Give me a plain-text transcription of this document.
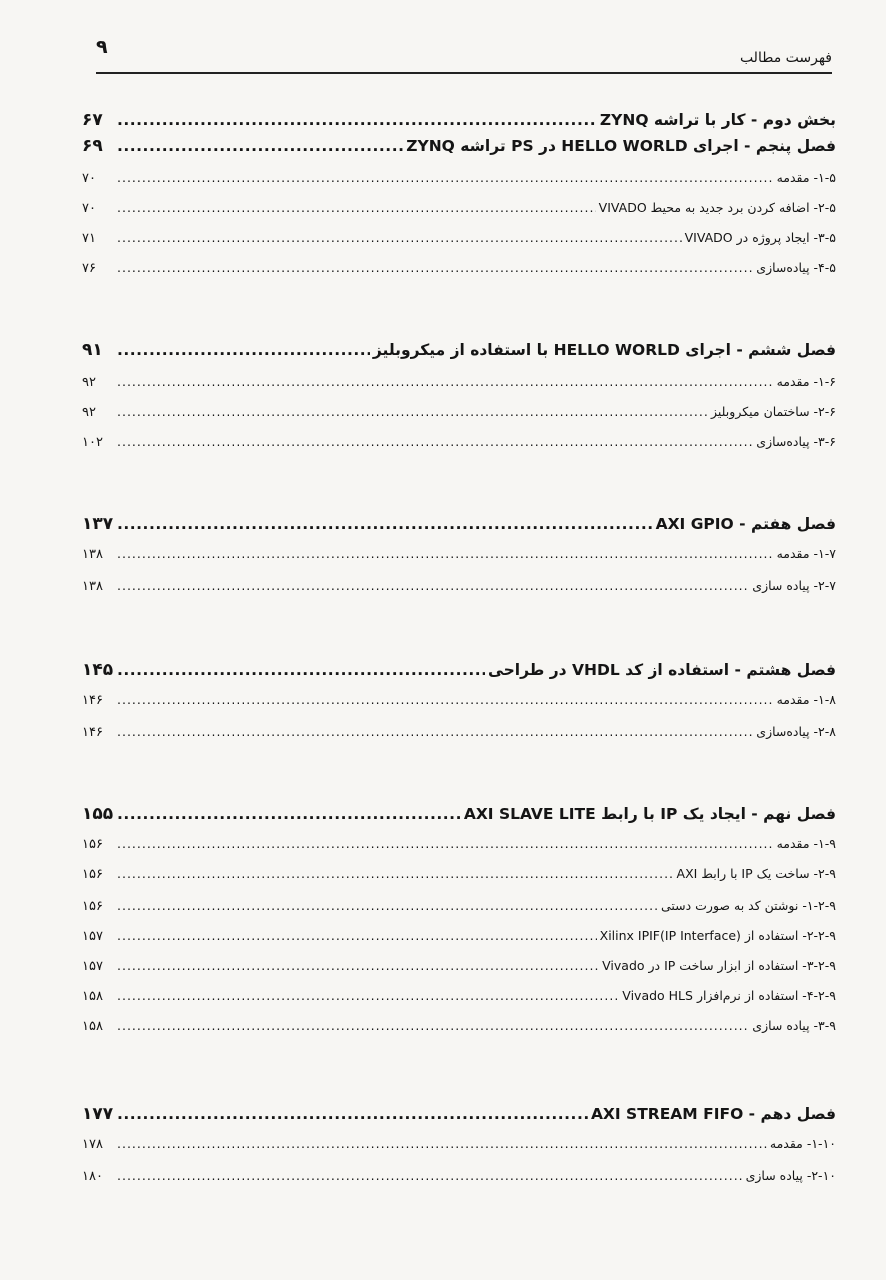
۹	فهرست مطالب
بخش دوم - کار با تراشه ZYNQ
.....
۶۷
فصل پنجم - اجرای HELLO WORLD در PS تراشه ZYNQ
.....
۶۹
۱-۵- مقدمه
.....
۷۰
۲-۵- اضافه کردن برد جدید به محیط VIVADO
.....
۷۰
۳-۵- ایجاد پروژه در VIVADO
.....
۷۱
۴-۵- پیاده‌سازی
.....
۷۶
فصل ششم - اجرای HELLO WORLD با استفاده از میکروبلیز
.....
۹۱
۱-۶- مقدمه
.....
۹۲
۲-۶- ساختمان میکروبلیز
.....
۹۲
۳-۶- پیاده‌سازی
.....
۱۰۲
فصل هفتم - AXI GPIO
.....
۱۳۷
۱-۷- مقدمه
.....
۱۳۸
۲-۷- پیاده سازی
.....
۱۳۸
فصل هشتم - استفاده از کد VHDL در طراحی
.....
۱۴۵
۱-۸- مقدمه
.....
۱۴۶
۲-۸- پیاده‌سازی
.....
۱۴۶
فصل نهم - ایجاد یک IP با رابط AXI SLAVE LITE
.....
۱۵۵
۱-۹- مقدمه
.....
۱۵۶
۲-۹- ساخت یک IP با رابط AXI
.....
۱۵۶
۱-۲-۹- نوشتن کد به صورت دستی
.....
۱۵۶
۲-۲-۹- استفاده از Xilinx IPIF(IP Interface)
.....
۱۵۷
۳-۲-۹- استفاده از ابزار ساخت IP در Vivado
.....
۱۵۷
۴-۲-۹- استفاده از نرم‌افزار Vivado HLS
.....
۱۵۸
۳-۹- پیاده سازی
.....
۱۵۸
فصل دهم - AXI STREAM FIFO
.....
۱۷۷
۱-۱۰- مقدمه
.....
۱۷۸
۲-۱۰- پیاده سازی
.....
۱۸۰
